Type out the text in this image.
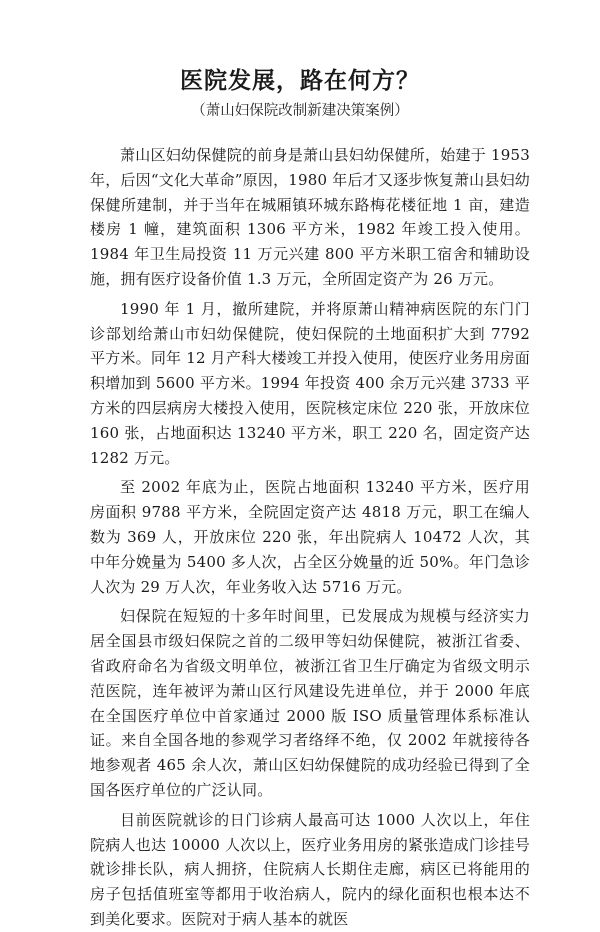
医院发展，路在何方？
（萧山妇保院改制新建决策案例）

萧山区妇幼保健院的前身是萧山县妇幼保健所，始建于 1953 年，后因“文化大革命”原因，1980 年后才又逐步恢复萧山县妇幼保健所建制，并于当年在城厢镇环城东路梅花楼征地 1 亩，建造楼房 1 幢，建筑面积 1306 平方米，1982 年竣工投入使用。1984 年卫生局投资 11 万元兴建 800 平方米职工宿舍和辅助设施，拥有医疗设备价值 1.3 万元，全所固定资产为 26 万元。

1990 年 1 月，撤所建院，并将原萧山精神病医院的东门门诊部划给萧山市妇幼保健院，使妇保院的土地面积扩大到 7792 平方米。同年 12 月产科大楼竣工并投入使用，使医疗业务用房面积增加到 5600 平方米。1994 年投资 400 余万元兴建 3733 平方米的四层病房大楼投入使用，医院核定床位 220 张，开放床位 160 张，占地面积达 13240 平方米，职工 220 名，固定资产达 1282 万元。

至 2002 年底为止，医院占地面积 13240 平方米，医疗用房面积 9788 平方米，全院固定资产达 4818 万元，职工在编人数为 369 人，开放床位 220 张，年出院病人 10472 人次，其中年分娩量为 5400 多人次，占全区分娩量的近 50%。年门急诊人次为 29 万人次，年业务收入达 5716 万元。

妇保院在短短的十多年时间里，已发展成为规模与经济实力居全国县市级妇保院之首的二级甲等妇幼保健院，被浙江省委、省政府命名为省级文明单位，被浙江省卫生厅确定为省级文明示范医院，连年被评为萧山区行风建设先进单位，并于 2000 年底在全国医疗单位中首家通过 2000 版 ISO 质量管理体系标准认证。来自全国各地的参观学习者络绎不绝，仅 2002 年就接待各地参观者 465 余人次，萧山区妇幼保健院的成功经验已得到了全国各医疗单位的广泛认同。

目前医院就诊的日门诊病人最高可达 1000 人次以上，年住院病人也达 10000 人次以上，医疗业务用房的紧张造成门诊挂号就诊排长队，病人拥挤，住院病人长期住走廊，病区已将能用的房子包括值班室等都用于收治病人，院内的绿化面积也根本达不到美化要求。医院对于病人基本的就医
